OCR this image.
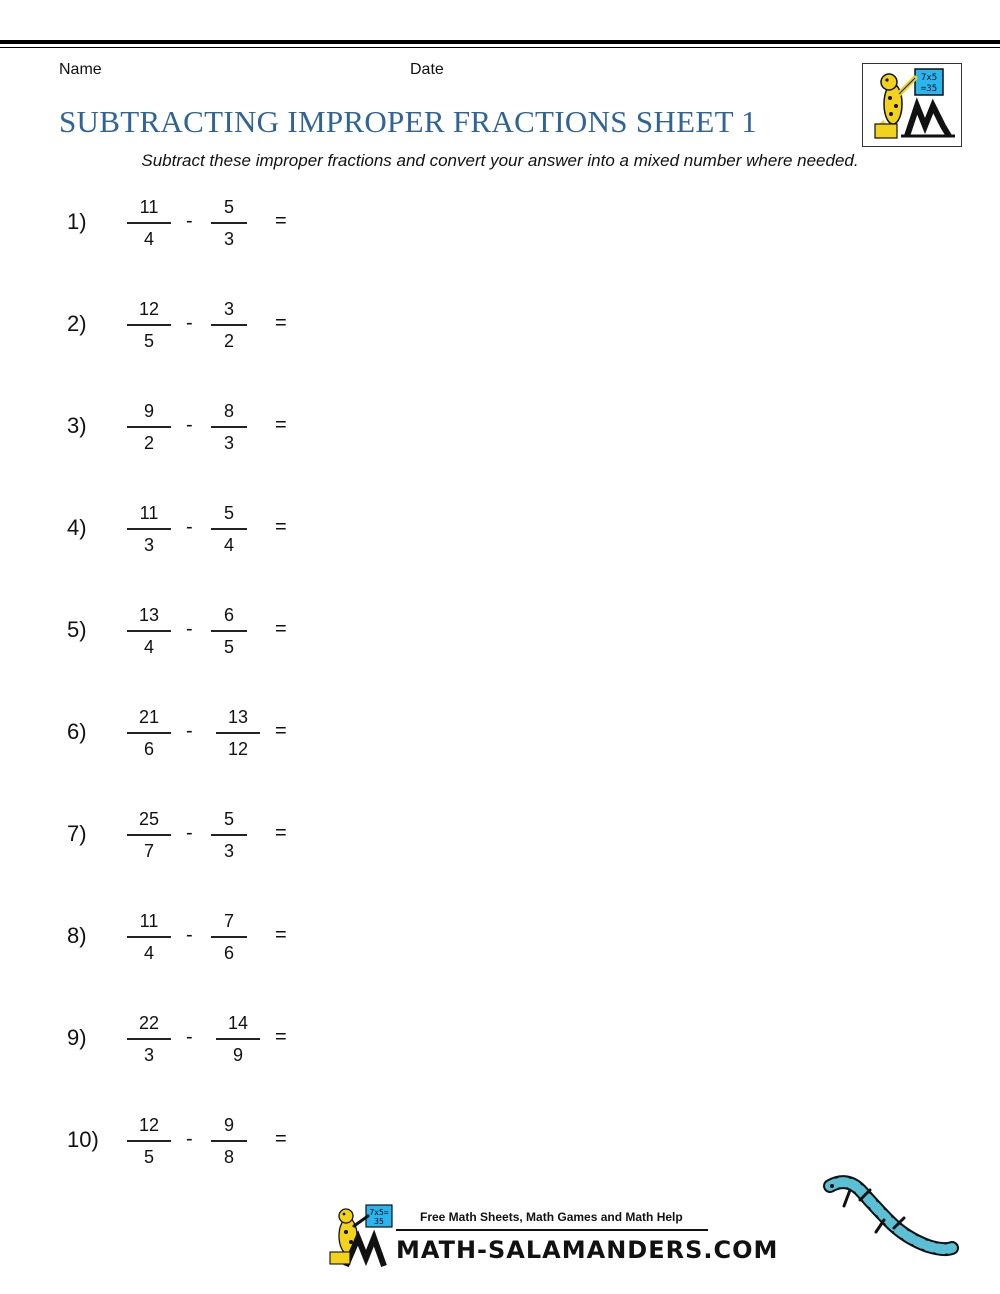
Name	Date
SUBTRACTING IMPROPER FRACTIONS SHEET 1
Subtract these improper fractions and convert your answer into a mixed number where needed.
7x5
=35
1)
11
4
-
5
3
=
2)
12
5
-
3
2
=
3)
9
2
-
8
3
=
4)
11
3
-
5
4
=
5)
13
4
-
6
5
=
6)
21
6
-
13
12
=
7)
25
7
-
5
3
=
8)
11
4
-
7
6
=
9)
22
3
-
14
9
=
10)
12
5
-
9
8
=
7x5=
35	Free Math Sheets, Math Games and Math Help
MATH-SALAMANDERS.COM
